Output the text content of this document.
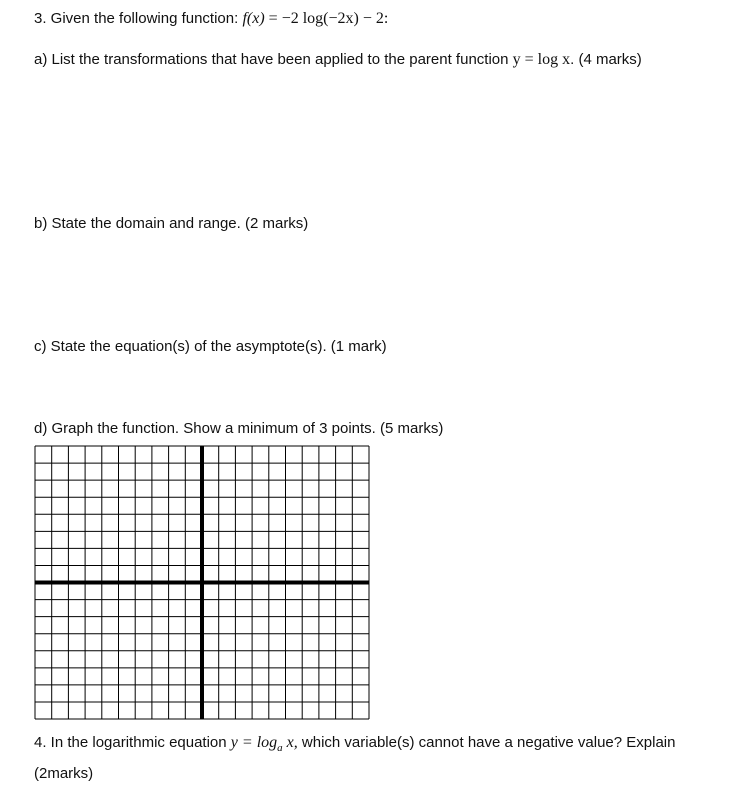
3. Given the following function: f(x) = −2 log(−2x) − 2:
a) List the transformations that have been applied to the parent function y = log x. (4 marks)
b) State the domain and range. (2 marks)
c) State the equation(s) of the asymptote(s). (1 mark)
d) Graph the function. Show a minimum of 3 points. (5 marks)
4. In the logarithmic equation $y = \log_a x$, which variable(s) cannot have a negative value? Explain
(2marks)
